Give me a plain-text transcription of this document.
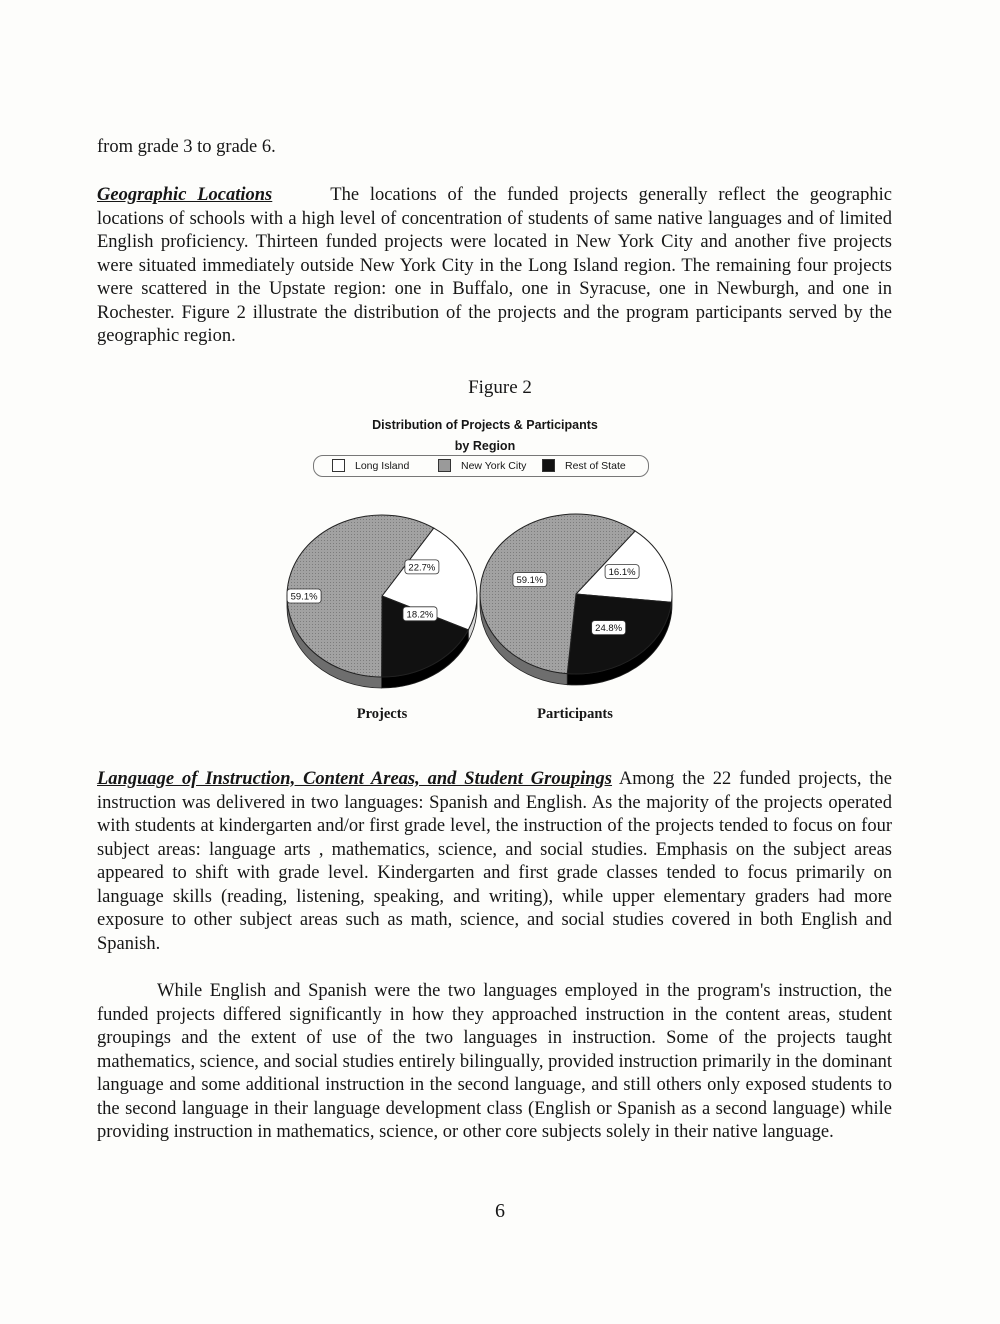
from grade 3 to grade 6.

Geographic Locations	The locations of the funded projects generally reflect the geographic locations of schools with a high level of concentration of students of same native languages and of limited English proficiency. Thirteen funded projects were located in New York City and another five projects were situated immediately outside New York City in the Long Island region. The remaining four projects were scattered in the Upstate region: one in Buffalo, one in Syracuse, one in Newburgh, and one in Rochester. Figure 2 illustrate the distribution of the projects and the program participants served by the geographic region.

Figure 2
Distribution of Projects & Participants
by Region
Long Island	New York City	Rest of State
22.7%
18.2%
59.1%
16.1%
24.8%
59.1%
Projects	Participants

Language of Instruction, Content Areas, and Student Groupings Among the 22 funded projects, the instruction was delivered in two languages: Spanish and English. As the majority of the projects operated with students at kindergarten and/or first grade level, the instruction of the projects tended to focus on four subject areas: language arts , mathematics, science, and social studies. Emphasis on the subject areas appeared to shift with grade level. Kindergarten and first grade classes tended to focus primarily on language skills (reading, listening, speaking, and writing), while upper elementary graders had more exposure to other subject areas such as math, science, and social studies covered in both English and Spanish.

While English and Spanish were the two languages employed in the program's instruction, the funded projects differed significantly in how they approached instruction in the content areas, student groupings and the extent of use of the two languages in instruction. Some of the projects taught mathematics, science, and social studies entirely bilingually, provided instruction primarily in the dominant language and some additional instruction in the second language, and still others only exposed students to the second language in their language development class (English or Spanish as a second language) while providing instruction in mathematics, science, or other core subjects solely in their native language.

6
